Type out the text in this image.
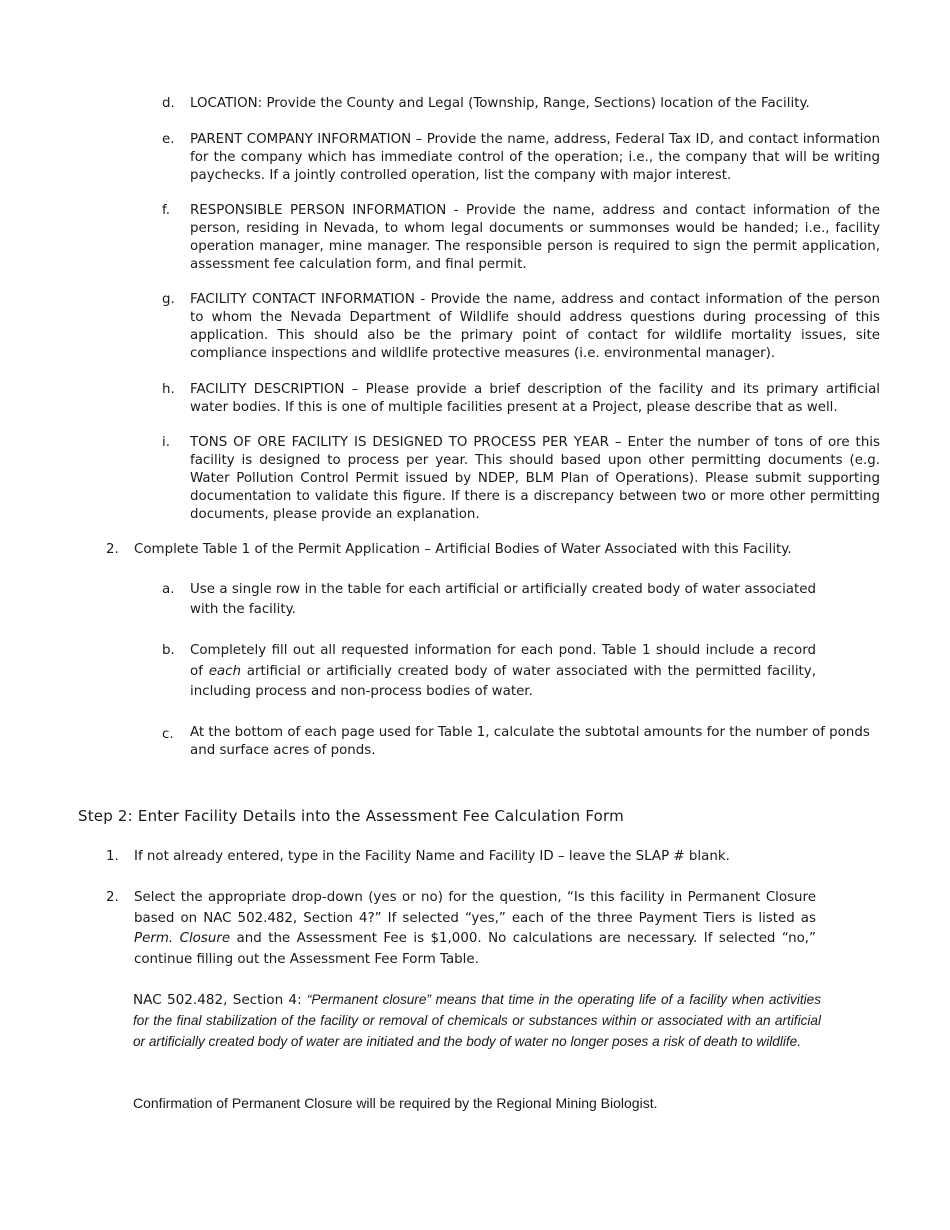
d. LOCATION: Provide the County and Legal (Township, Range, Sections) location of the Facility.
e. PARENT COMPANY INFORMATION – Provide the name, address, Federal Tax ID, and contact information for the company which has immediate control of the operation; i.e., the company that will be writing paychecks. If a jointly controlled operation, list the company with major interest.
f. RESPONSIBLE PERSON INFORMATION - Provide the name, address and contact information of the person, residing in Nevada, to whom legal documents or summonses would be handed; i.e., facility operation manager, mine manager. The responsible person is required to sign the permit application, assessment fee calculation form, and final permit.
g. FACILITY CONTACT INFORMATION - Provide the name, address and contact information of the person to whom the Nevada Department of Wildlife should address questions during processing of this application. This should also be the primary point of contact for wildlife mortality issues, site compliance inspections and wildlife protective measures (i.e. environmental manager).
h. FACILITY DESCRIPTION – Please provide a brief description of the facility and its primary artificial water bodies. If this is one of multiple facilities present at a Project, please describe that as well.
i. TONS OF ORE FACILITY IS DESIGNED TO PROCESS PER YEAR – Enter the number of tons of ore this facility is designed to process per year. This should based upon other permitting documents (e.g. Water Pollution Control Permit issued by NDEP, BLM Plan of Operations). Please submit supporting documentation to validate this figure. If there is a discrepancy between two or more other permitting documents, please provide an explanation.
2. Complete Table 1 of the Permit Application – Artificial Bodies of Water Associated with this Facility.
a. Use a single row in the table for each artificial or artificially created body of water associated with the facility.
b. Completely fill out all requested information for each pond. Table 1 should include a record of each artificial or artificially created body of water associated with the permitted facility, including process and non-process bodies of water.
c. At the bottom of each page used for Table 1, calculate the subtotal amounts for the number of ponds and surface acres of ponds.
Step 2: Enter Facility Details into the Assessment Fee Calculation Form
1. If not already entered, type in the Facility Name and Facility ID – leave the SLAP # blank.
2. Select the appropriate drop-down (yes or no) for the question, “Is this facility in Permanent Closure based on NAC 502.482, Section 4?” If selected “yes,” each of the three Payment Tiers is listed as Perm. Closure and the Assessment Fee is $1,000. No calculations are necessary. If selected “no,” continue filling out the Assessment Fee Form Table.
NAC 502.482, Section 4: “Permanent closure” means that time in the operating life of a facility when activities for the final stabilization of the facility or removal of chemicals or substances within or associated with an artificial or artificially created body of water are initiated and the body of water no longer poses a risk of death to wildlife.
Confirmation of Permanent Closure will be required by the Regional Mining Biologist.
